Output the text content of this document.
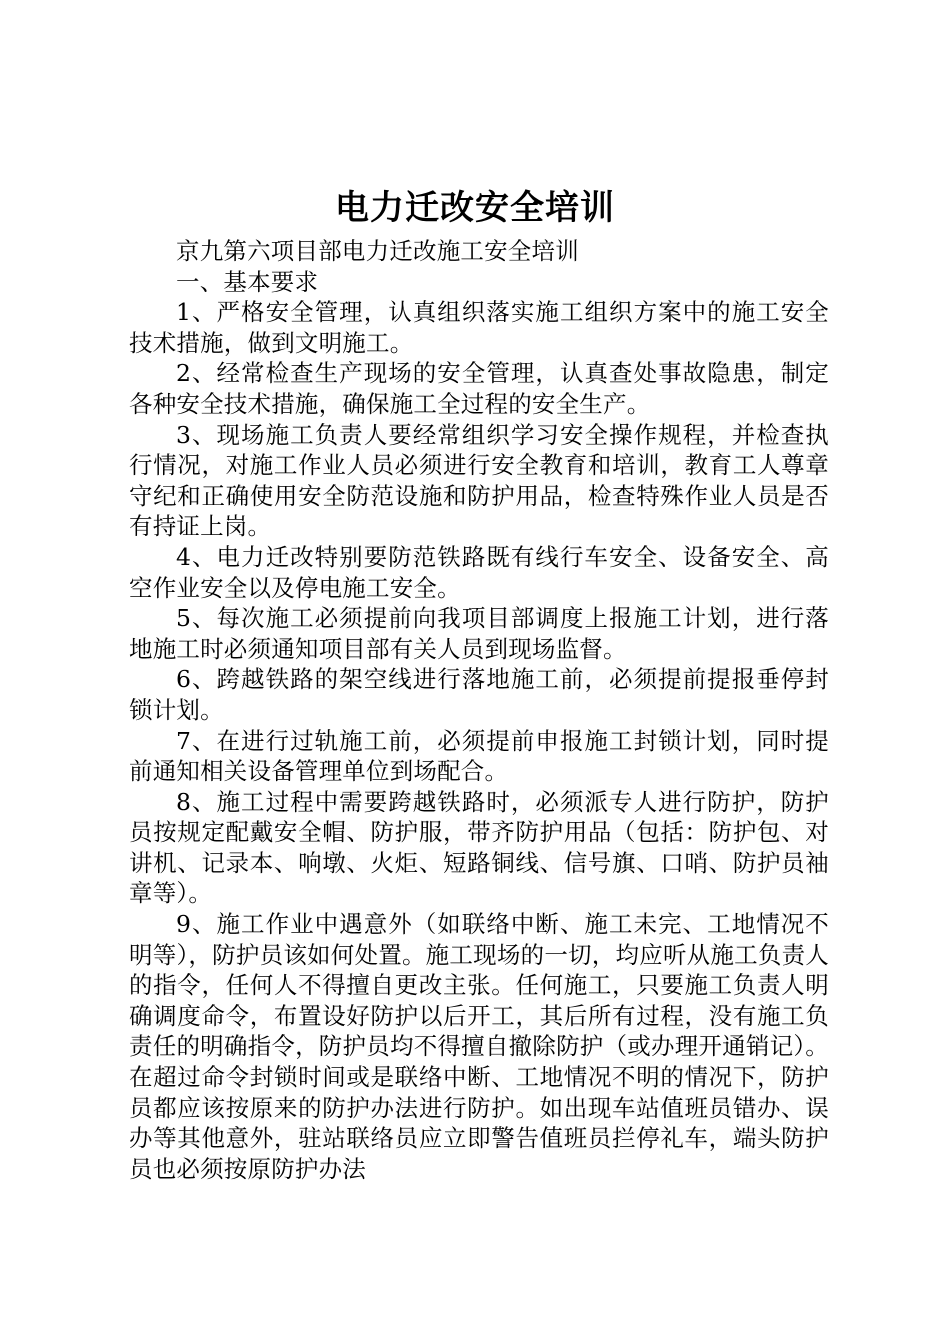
电力迁改安全培训

京九第六项目部电力迁改施工安全培训

一、基本要求

1、严格安全管理，认真组织落实施工组织方案中的施工安全技术措施，做到文明施工。

2、经常检查生产现场的安全管理，认真查处事故隐患，制定各种安全技术措施，确保施工全过程的安全生产。

3、现场施工负责人要经常组织学习安全操作规程，并检查执行情况，对施工作业人员必须进行安全教育和培训，教育工人尊章守纪和正确使用安全防范设施和防护用品，检查特殊作业人员是否有持证上岗。

4、电力迁改特别要防范铁路既有线行车安全、设备安全、高空作业安全以及停电施工安全。

5、每次施工必须提前向我项目部调度上报施工计划，进行落地施工时必须通知项目部有关人员到现场监督。

6、跨越铁路的架空线进行落地施工前，必须提前提报垂停封锁计划。

7、在进行过轨施工前，必须提前申报施工封锁计划，同时提前通知相关设备管理单位到场配合。

8、施工过程中需要跨越铁路时，必须派专人进行防护，防护员按规定配戴安全帽、防护服，带齐防护用品（包括：防护包、对讲机、记录本、响墩、火炬、短路铜线、信号旗、口哨、防护员袖章等）。

9、施工作业中遇意外（如联络中断、施工未完、工地情况不明等），防护员该如何处置。施工现场的一切，均应听从施工负责人的指令，任何人不得擅自更改主张。任何施工，只要施工负责人明确调度命令，布置设好防护以后开工，其后所有过程，没有施工负责任的明确指令，防护员均不得擅自撤除防护（或办理开通销记）。在超过命令封锁时间或是联络中断、工地情况不明的情况下，防护员都应该按原来的防护办法进行防护。如出现车站值班员错办、误办等其他意外，驻站联络员应立即警告值班员拦停礼车，端头防护员也必须按原防护办法
